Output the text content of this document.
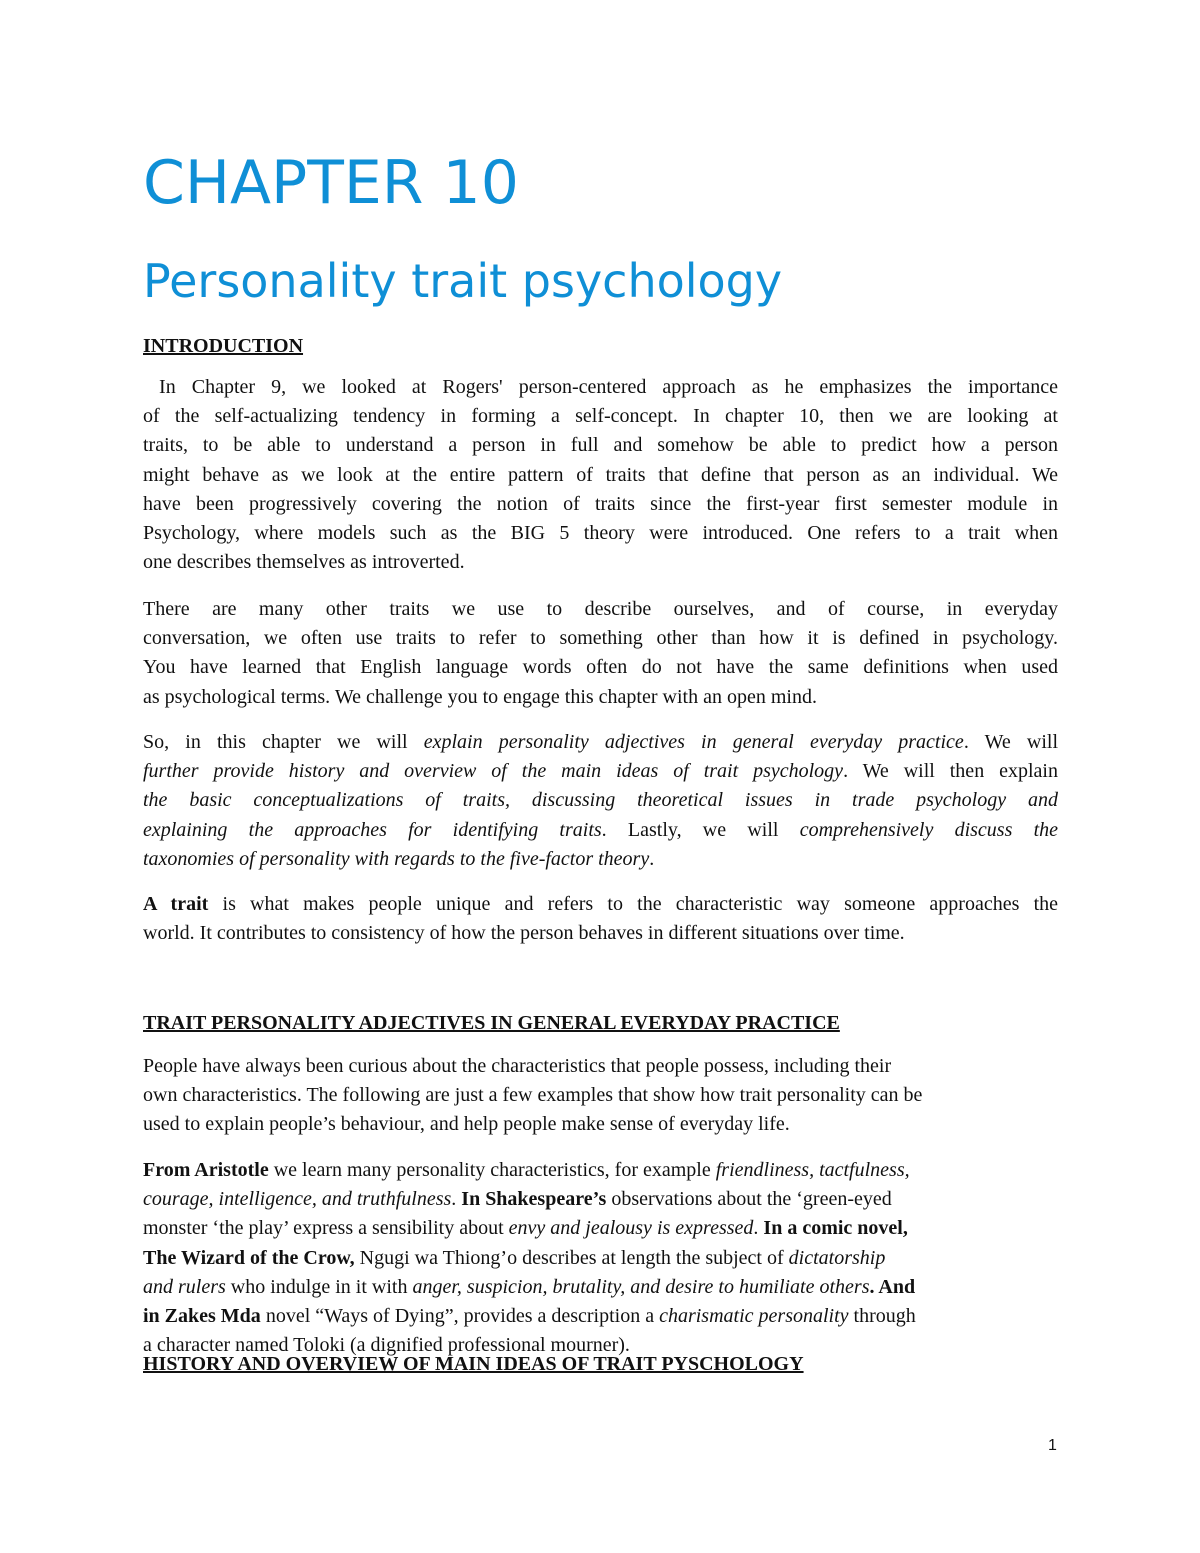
CHAPTER 10
Personality trait psychology
INTRODUCTION
In Chapter 9, we looked at Rogers' person-centered approach as he emphasizes the importance
of the self-actualizing tendency in forming a self-concept. In chapter 10, then we are looking at
traits, to be able to understand a person in full and somehow be able to predict how a person
might behave as we look at the entire pattern of traits that define that person as an individual. We
have been progressively covering the notion of traits since the first-year first semester module in
Psychology, where models such as the BIG 5 theory were introduced. One refers to a trait when
one describes themselves as introverted.
There are many other traits we use to describe ourselves, and of course, in everyday
conversation, we often use traits to refer to something other than how it is defined in psychology.
You have learned that English language words often do not have the same definitions when used
as psychological terms. We challenge you to engage this chapter with an open mind.
So, in this chapter we will explain personality adjectives in general everyday practice. We will
further provide history and overview of the main ideas of trait psychology. We will then explain
the basic conceptualizations of traits, discussing theoretical issues in trade psychology and
explaining the approaches for identifying traits. Lastly, we will comprehensively discuss the
taxonomies of personality with regards to the five-factor theory.
A trait is what makes people unique and refers to the characteristic way someone approaches the
world. It contributes to consistency of how the person behaves in different situations over time.
TRAIT PERSONALITY ADJECTIVES IN GENERAL EVERYDAY PRACTICE
People have always been curious about the characteristics that people possess, including their
own characteristics. The following are just a few examples that show how trait personality can be
used to explain people’s behaviour, and help people make sense of everyday life.
From Aristotle we learn many personality characteristics, for example friendliness, tactfulness,
courage, intelligence, and truthfulness. In Shakespeare’s observations about the ‘green-eyed
monster ‘the play’ express a sensibility about envy and jealousy is expressed. In a comic novel,
The Wizard of the Crow, Ngugi wa Thiong’o describes at length the subject of dictatorship
and rulers who indulge in it with anger, suspicion, brutality, and desire to humiliate others. And
in Zakes Mda novel “Ways of Dying”, provides a description a charismatic personality through
a character named Toloki (a dignified professional mourner).
HISTORY AND OVERVIEW OF MAIN IDEAS OF TRAIT PYSCHOLOGY
1
